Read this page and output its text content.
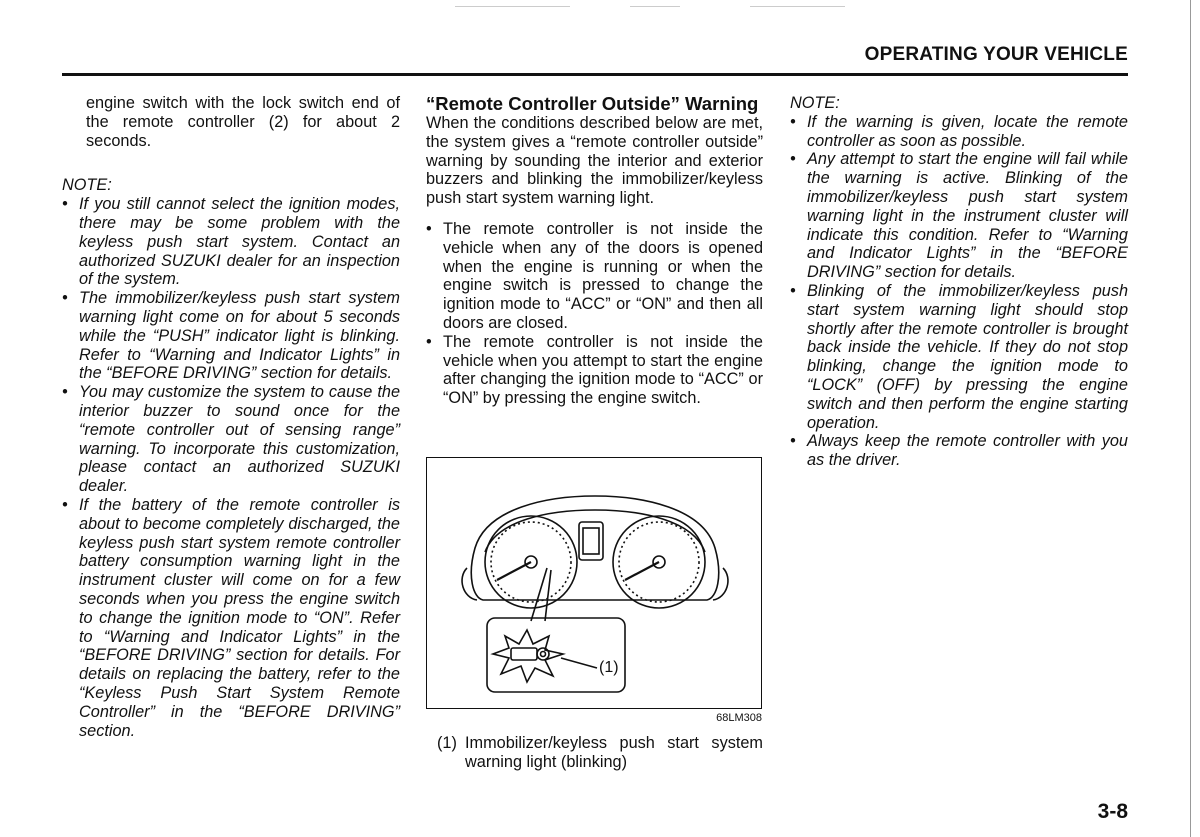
OPERATING YOUR VEHICLE

engine switch with the lock switch end of the remote controller (2) for about 2 seconds.

NOTE:

• If you still cannot select the ignition modes, there may be some problem with the keyless push start system. Contact an authorized SUZUKI dealer for an inspection of the system.
• The immobilizer/keyless push start system warning light come on for about 5 seconds while the “PUSH” indicator light is blinking. Refer to “Warning and Indicator Lights” in the “BEFORE DRIVING” section for details.
• You may customize the system to cause the interior buzzer to sound once for the “remote controller out of sensing range” warning. To incorporate this customization, please contact an authorized SUZUKI dealer.
• If the battery of the remote controller is about to become completely discharged, the keyless push start system remote controller battery consumption warning light in the instrument cluster will come on for a few seconds when you press the engine switch to change the ignition mode to “ON”. Refer to “Warning and Indicator Lights” in the “BEFORE DRIVING” section for details. For details on replacing the battery, refer to the “Keyless Push Start System Remote Controller” in the “BEFORE DRIVING” section.

“Remote Controller Outside” Warning

When the conditions described below are met, the system gives a “remote controller outside” warning by sounding the interior and exterior buzzers and blinking the immobilizer/keyless push start system warning light.

• The remote controller is not inside the vehicle when any of the doors is opened when the engine is running or when the engine switch is pressed to change the ignition mode to “ACC” or “ON” and then all doors are closed.
• The remote controller is not inside the vehicle when you attempt to start the engine after changing the ignition mode to “ACC” or “ON” by pressing the engine switch.
(1)
68LM308
(1) Immobilizer/keyless push start system warning light (blinking)

NOTE:

• If the warning is given, locate the remote controller as soon as possible.
• Any attempt to start the engine will fail while the warning is active. Blinking of the immobilizer/keyless push start system warning light in the instrument cluster will indicate this condition. Refer to “Warning and Indicator Lights” in the “BEFORE DRIVING” section for details.
• Blinking of the immobilizer/keyless push start system warning light should stop shortly after the remote controller is brought back inside the vehicle. If they do not stop blinking, change the ignition mode to “LOCK” (OFF) by pressing the engine switch and then perform the engine starting operation.
• Always keep the remote controller with you as the driver.
3-8
